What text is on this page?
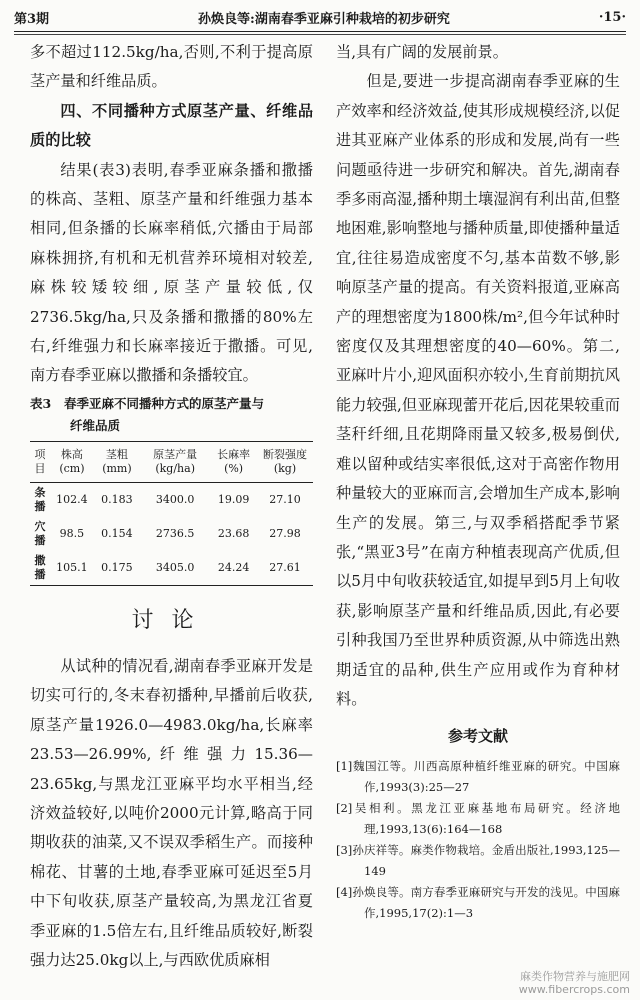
第3期	孙焕良等:湖南春季亚麻引种栽培的初步研究	·15·

多不超过112.5kg/ha,否则,不利于提高原茎产量和纤维品质。

四、不同播种方式原茎产量、纤维品质的比较

结果(表3)表明,春季亚麻条播和撒播的株高、茎粗、原茎产量和纤维强力基本相同,但条播的长麻率稍低,穴播由于局部麻株拥挤,有机和无机营养环境相对较差,麻株较矮较细,原茎产量较低,仅2736.5kg/ha,只及条播和撒播的80%左右,纤维强力和长麻率接近于撒播。可见,南方春季亚麻以撒播和条播较宜。

表3 春季亚麻不同播种方式的原茎产量与
纤维品质
项目	株高(cm)	茎粗(mm)	原茎产量(kg/ha)	长麻率(%)	断裂强度(kg)
条播	102.4	0.183	3400.0	19.09	27.10
穴播	98.5	0.154	2736.5	23.68	27.98
撒播	105.1	0.175	3405.0	24.24	27.61
讨论

从试种的情况看,湖南春季亚麻开发是切实可行的,冬末春初播种,早播前后收获,原茎产量1926.0—4983.0kg/ha,长麻率23.53—26.99%,纤维强力15.36—23.65kg,与黑龙江亚麻平均水平相当,经济效益较好,以吨价2000元计算,略高于同期收获的油菜,又不误双季稻生产。而接种棉花、甘薯的土地,春季亚麻可延迟至5月中下旬收获,原茎产量较高,为黑龙江省夏季亚麻的1.5倍左右,且纤维品质较好,断裂强力达25.0kg以上,与西欧优质麻相

当,具有广阔的发展前景。

但是,要进一步提高湖南春季亚麻的生产效率和经济效益,使其形成规模经济,以促进其亚麻产业体系的形成和发展,尚有一些问题亟待进一步研究和解决。首先,湖南春季多雨高湿,播种期土壤湿润有利出苗,但整地困难,影响整地与播种质量,即使播种量适宜,往往易造成密度不匀,基本苗数不够,影响原茎产量的提高。有关资料报道,亚麻高产的理想密度为1800株/m²,但今年试种时密度仅及其理想密度的40—60%。第二,亚麻叶片小,迎风面积亦较小,生育前期抗风能力较强,但亚麻现蕾开花后,因花果较重而茎秆纤细,且花期降雨量又较多,极易倒伏,难以留种或结实率很低,这对于高密作物用种量较大的亚麻而言,会增加生产成本,影响生产的发展。第三,与双季稻搭配季节紧张,“黑亚3号”在南方种植表现高产优质,但以5月中旬收获较适宜,如提早到5月上旬收获,影响原茎产量和纤维品质,因此,有必要引种我国乃至世界种质资源,从中筛选出熟期适宜的品种,供生产应用或作为育种材料。

参考文献

[1]魏国江等。川西高原种植纤维亚麻的研究。中国麻作,1993(3):25—27

[2]吴相利。黑龙江亚麻基地布局研究。经济地理,1993,13(6):164—168

[3]孙庆祥等。麻类作物栽培。金盾出版社,1993,125—149

[4]孙焕良等。南方春季亚麻研究与开发的浅见。中国麻作,1995,17(2):1—3

麻类作物营养与施肥网
www.fibercrops.com
